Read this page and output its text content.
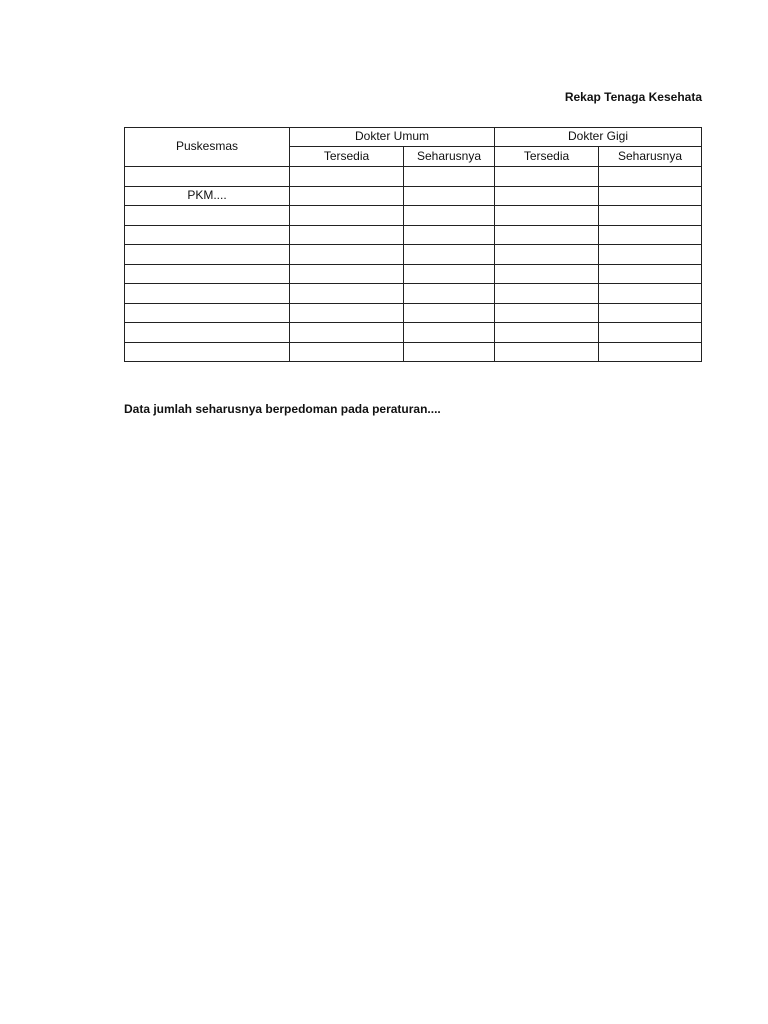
Rekap Tenaga Kesehata
Puskesmas	Dokter Umum		Dokter Gigi	
	Tersedia	Seharusnya	Tersedia	Seharusnya

PKM....				

Data jumlah seharusnya berpedoman pada peraturan....
